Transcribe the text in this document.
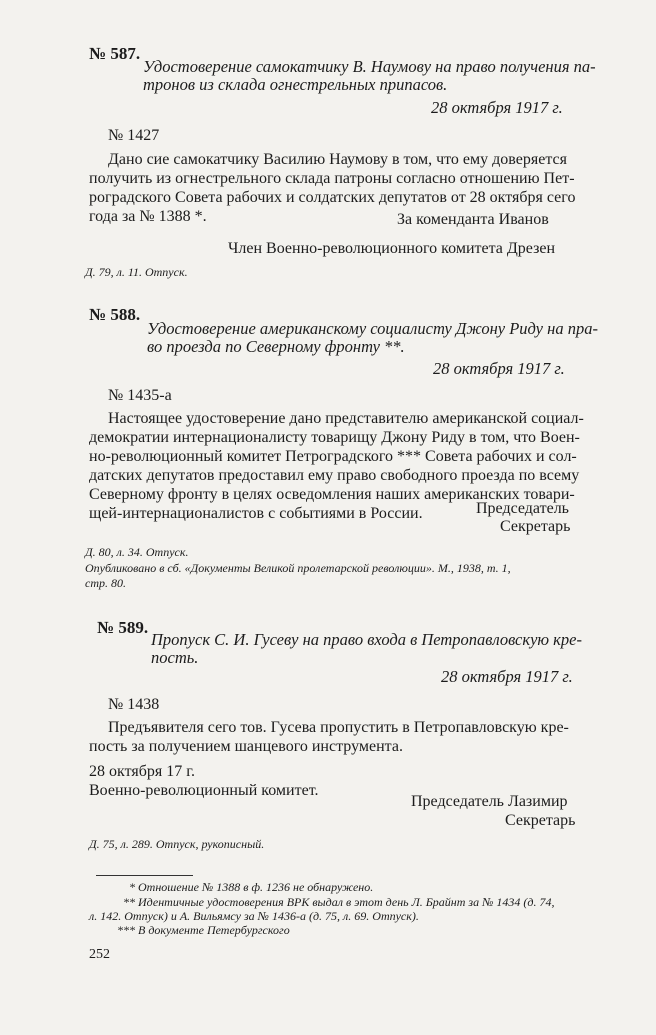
№ 587.
Удостоверение самокатчику В. Наумову на право получения па-
тронов из склада огнестрельных припасов.
28 октября 1917 г.
№ 1427
Дано сие самокатчику Василию Наумову в том, что ему доверяется
получить из огнестрельного склада патроны согласно отношению Пет-
роградского Совета рабочих и солдатских депутатов от 28 октября сего
года за № 1388 *.	За коменданта Иванов
Член Военно-революционного комитета Дрезен
Д. 79, л. 11. Отпуск.
№ 588.
Удостоверение американскому социалисту Джону Риду на пра-
во проезда по Северному фронту **.
28 октября 1917 г.
№ 1435-а
Настоящее удостоверение дано представителю американской социал-
демократии интернационалисту товарищу Джону Риду в том, что Воен-
но-революционный комитет Петроградского *** Совета рабочих и сол-
датских депутатов предоставил ему право свободного проезда по всему
Северному фронту в целях осведомления наших американских товари-
щей-интернационалистов с событиями в России.	Председатель
Секретарь
Д. 80, л. 34. Отпуск.
Опубликовано в сб. «Документы Великой пролетарской революции». М., 1938, т. 1,
стр. 80.
№ 589.
Пропуск С. И. Гусеву на право входа в Петропавловскую кре-
пость.
28 октября 1917 г.
№ 1438
Предъявителя сего тов. Гусева пропустить в Петропавловскую кре-
пость за получением шанцевого инструмента.
28 октября 17 г.
Военно-революционный комитет.
Председатель Лазимир
Секретарь
Д. 75, л. 289. Отпуск, рукописный.
* Отношение № 1388 в ф. 1236 не обнаружено.
** Идентичные удостоверения ВРК выдал в этот день Л. Брайнт за № 1434 (д. 74,
л. 142. Отпуск) и А. Вильямсу за № 1436-а (д. 75, л. 69. Отпуск).
*** В документе Петербургского
252
